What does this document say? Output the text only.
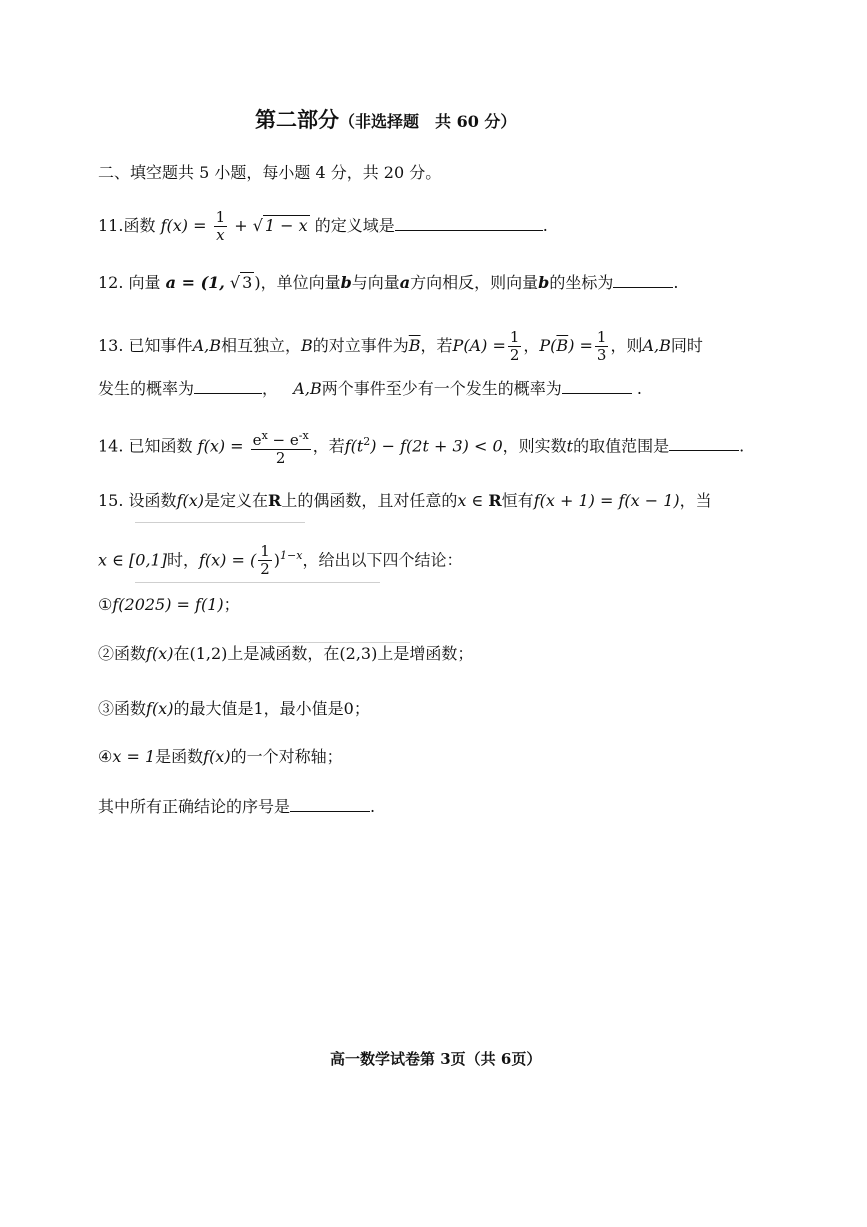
第二部分（非选择题　共 60 分）
二、填空题共 5 小题，每小题 4 分，共 20 分。
11.函数 $f(x) = \frac{1}{x}$ + √ 1 − x 的定义域是	.
12. 向量 a = (1, √ 3 )，单位向量b与向量a方向相反，则向量b的坐标为	.
13. 已知事件A,B相互独立，B的对立事件为$\overline{B}$，若$P(A) = \frac{1}{2}$ ，$P(\overline{B}) = \frac{1}{3}$ ，则A,B同时
发生的概率为	， A,B两个事件至少有一个发生的概率为	.
14. 已知函数 $f(x) = \frac{e^x - e^{-x}}{2}$ ，若$f(t^2) - f(2t + 3) < 0$，则实数t的取值范围是	.
15. 设函数f(x)是定义在R上的偶函数，且对任意的x ∈ R恒有f(x + 1) = f(x − 1)，当
x ∈ [0,1]时，f(x) = ( $\frac{1}{2} )^{1-x}$，给出以下四个结论：
①f(2025) = f(1)；
②函数f(x)在(1,2)上是减函数，在(2,3)上是增函数；
③函数f(x)的最大值是1，最小值是0；
④x = 1是函数f(x)的一个对称轴；
其中所有正确结论的序号是	.
高一数学试卷第 3页（共 6页）
